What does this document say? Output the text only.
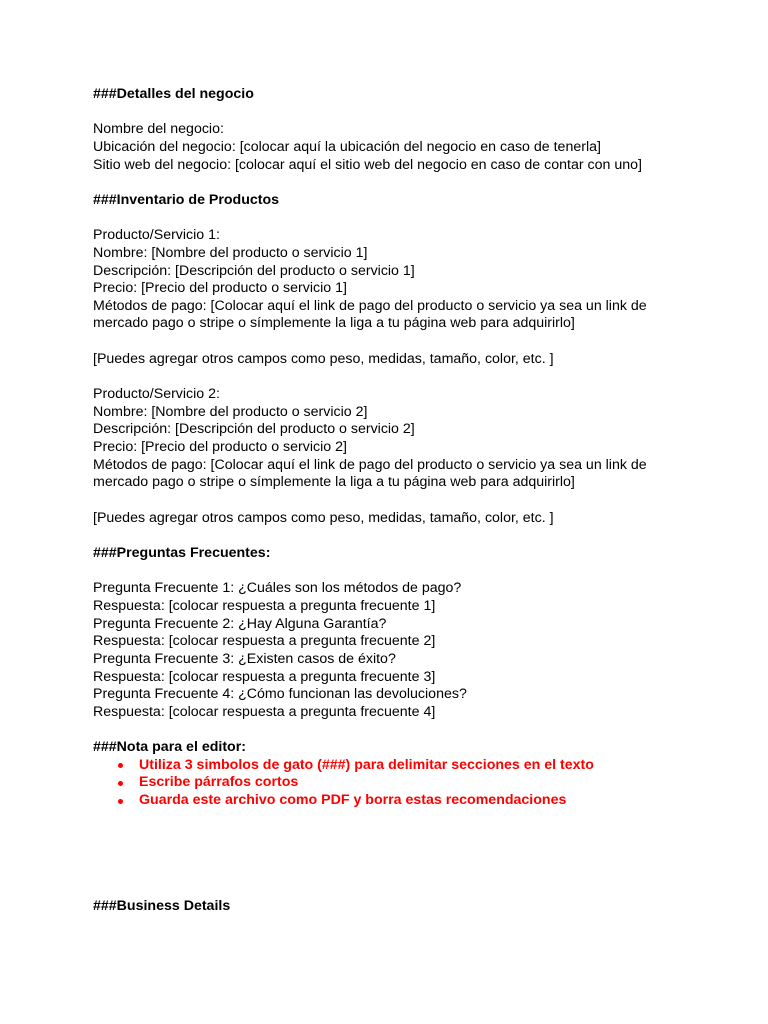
###Detalles del negocio
Nombre del negocio:
Ubicación del negocio: [colocar aquí la ubicación del negocio en caso de tenerla]
Sitio web del negocio: [colocar aquí el sitio web del negocio en caso de contar con uno]
###Inventario de Productos
Producto/Servicio 1:
Nombre: [Nombre del producto o servicio 1]
Descripción: [Descripción del producto o servicio 1]
Precio: [Precio del producto o servicio 1]
Métodos de pago: [Colocar aquí el link de pago del producto o servicio ya sea un link de mercado pago o stripe o símplemente la liga a tu página web para adquirirlo]
[Puedes agregar otros campos como peso, medidas, tamaño, color, etc. ]
Producto/Servicio 2:
Nombre: [Nombre del producto o servicio 2]
Descripción: [Descripción del producto o servicio 2]
Precio: [Precio del producto o servicio 2]
Métodos de pago: [Colocar aquí el link de pago del producto o servicio ya sea un link de mercado pago o stripe o símplemente la liga a tu página web para adquirirlo]
[Puedes agregar otros campos como peso, medidas, tamaño, color, etc. ]
###Preguntas Frecuentes:
Pregunta Frecuente 1: ¿Cuáles son los métodos de pago?
Respuesta: [colocar respuesta a pregunta frecuente 1]
Pregunta Frecuente 2: ¿Hay Alguna Garantía?
Respuesta: [colocar respuesta a pregunta frecuente 2]
Pregunta Frecuente 3: ¿Existen casos de éxito?
Respuesta: [colocar respuesta a pregunta frecuente 3]
Pregunta Frecuente 4: ¿Cómo funcionan las devoluciones?
Respuesta: [colocar respuesta a pregunta frecuente 4]
###Nota para el editor:
Utiliza 3 simbolos de gato (###) para delimitar secciones en el texto
Escribe párrafos cortos
Guarda este archivo como PDF y borra estas recomendaciones
###Business Details
